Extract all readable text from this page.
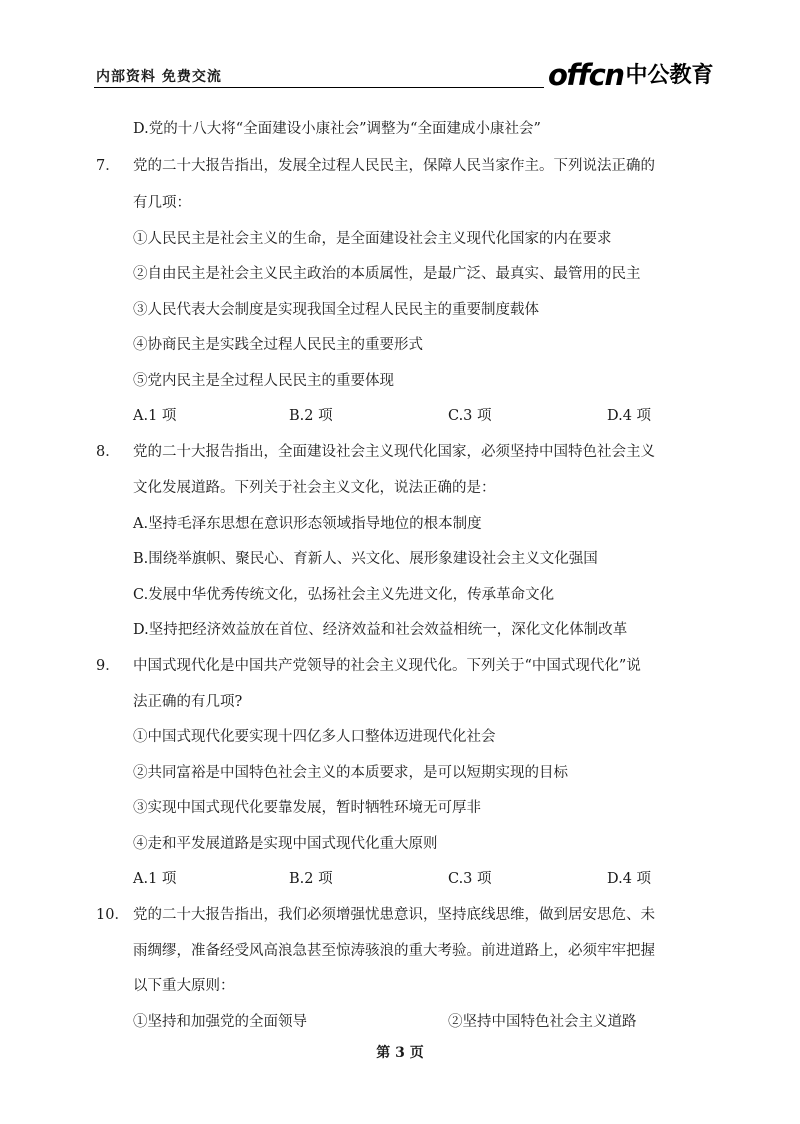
内部资料 免费交流	offcn中公教育
D.党的十八大将“全面建设小康社会”调整为“全面建成小康社会”
7． 党的二十大报告指出，发展全过程人民民主，保障人民当家作主。下列说法正确的
有几项：
①人民民主是社会主义的生命，是全面建设社会主义现代化国家的内在要求
②自由民主是社会主义民主政治的本质属性，是最广泛、最真实、最管用的民主
③人民代表大会制度是实现我国全过程人民民主的重要制度载体
④协商民主是实践全过程人民民主的重要形式
⑤党内民主是全过程人民民主的重要体现
A.1 项	B.2 项	C.3 项	D.4 项
8． 党的二十大报告指出，全面建设社会主义现代化国家，必须坚持中国特色社会主义
文化发展道路。下列关于社会主义文化，说法正确的是：
A.坚持毛泽东思想在意识形态领域指导地位的根本制度
B.围绕举旗帜、聚民心、育新人、兴文化、展形象建设社会主义文化强国
C.发展中华优秀传统文化，弘扬社会主义先进文化，传承革命文化
D.坚持把经济效益放在首位、经济效益和社会效益相统一，深化文化体制改革
9． 中国式现代化是中国共产党领导的社会主义现代化。下列关于“中国式现代化”说
法正确的有几项?
①中国式现代化要实现十四亿多人口整体迈进现代化社会
②共同富裕是中国特色社会主义的本质要求，是可以短期实现的目标
③实现中国式现代化要靠发展，暂时牺牲环境无可厚非
④走和平发展道路是实现中国式现代化重大原则
A.1 项	B.2 项	C.3 项	D.4 项
10． 党的二十大报告指出，我们必须增强忧患意识，坚持底线思维，做到居安思危、未
雨绸缪，准备经受风高浪急甚至惊涛骇浪的重大考验。前进道路上，必须牢牢把握
以下重大原则：
①坚持和加强党的全面领导	②坚持中国特色社会主义道路
第 3 页
